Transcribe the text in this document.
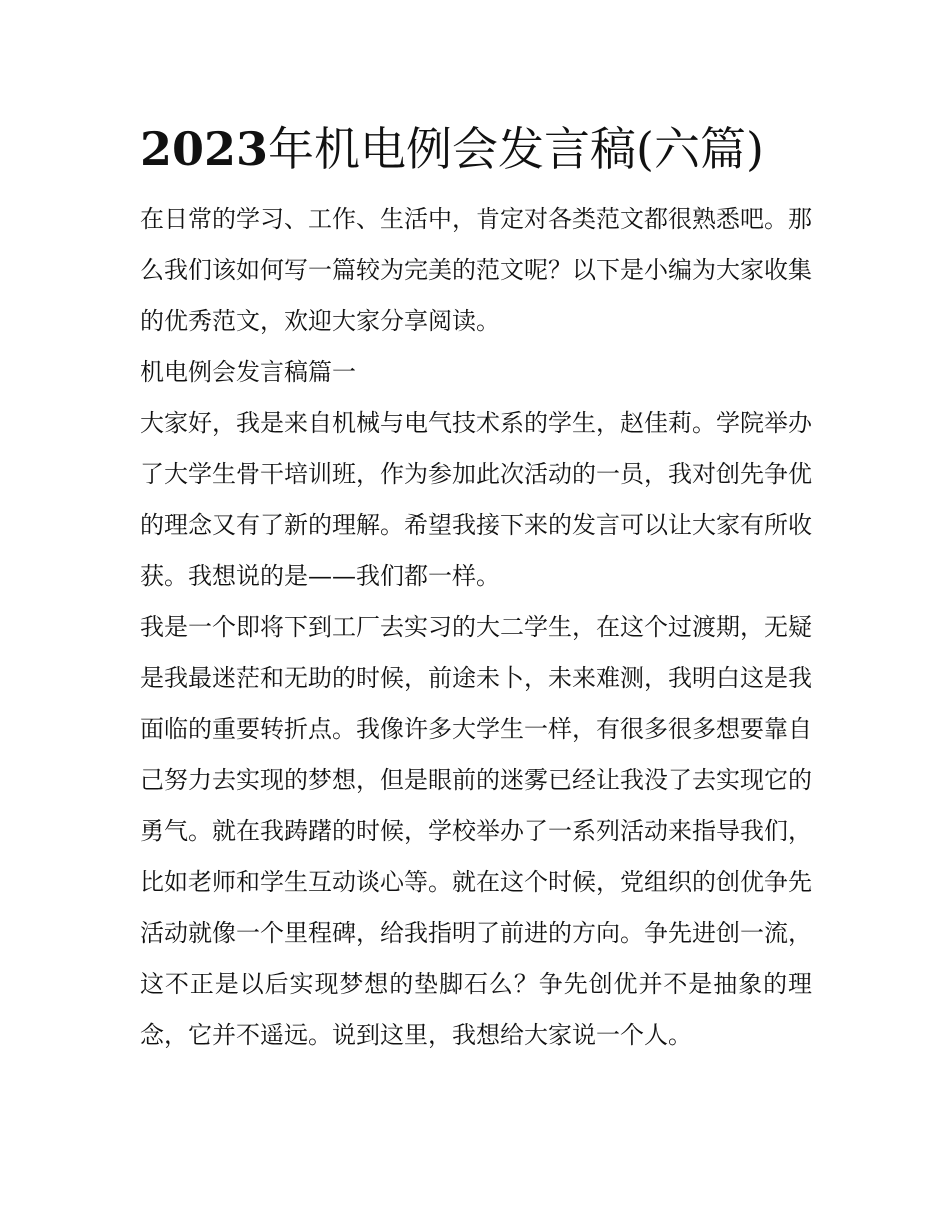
2023年机电例会发言稿(六篇)

在日常的学习、工作、生活中，肯定对各类范文都很熟悉吧。那么我们该如何写一篇较为完美的范文呢？以下是小编为大家收集的优秀范文，欢迎大家分享阅读。

机电例会发言稿篇一

大家好，我是来自机械与电气技术系的学生，赵佳莉。学院举办了大学生骨干培训班，作为参加此次活动的一员，我对创先争优的理念又有了新的理解。希望我接下来的发言可以让大家有所收获。我想说的是——我们都一样。

我是一个即将下到工厂去实习的大二学生，在这个过渡期，无疑是我最迷茫和无助的时候，前途未卜，未来难测，我明白这是我面临的重要转折点。我像许多大学生一样，有很多很多想要靠自己努力去实现的梦想，但是眼前的迷雾已经让我没了去实现它的勇气。就在我踌躇的时候，学校举办了一系列活动来指导我们，比如老师和学生互动谈心等。就在这个时候，党组织的创优争先活动就像一个里程碑，给我指明了前进的方向。争先进创一流，这不正是以后实现梦想的垫脚石么？争先创优并不是抽象的理念，它并不遥远。说到这里，我想给大家说一个人。
